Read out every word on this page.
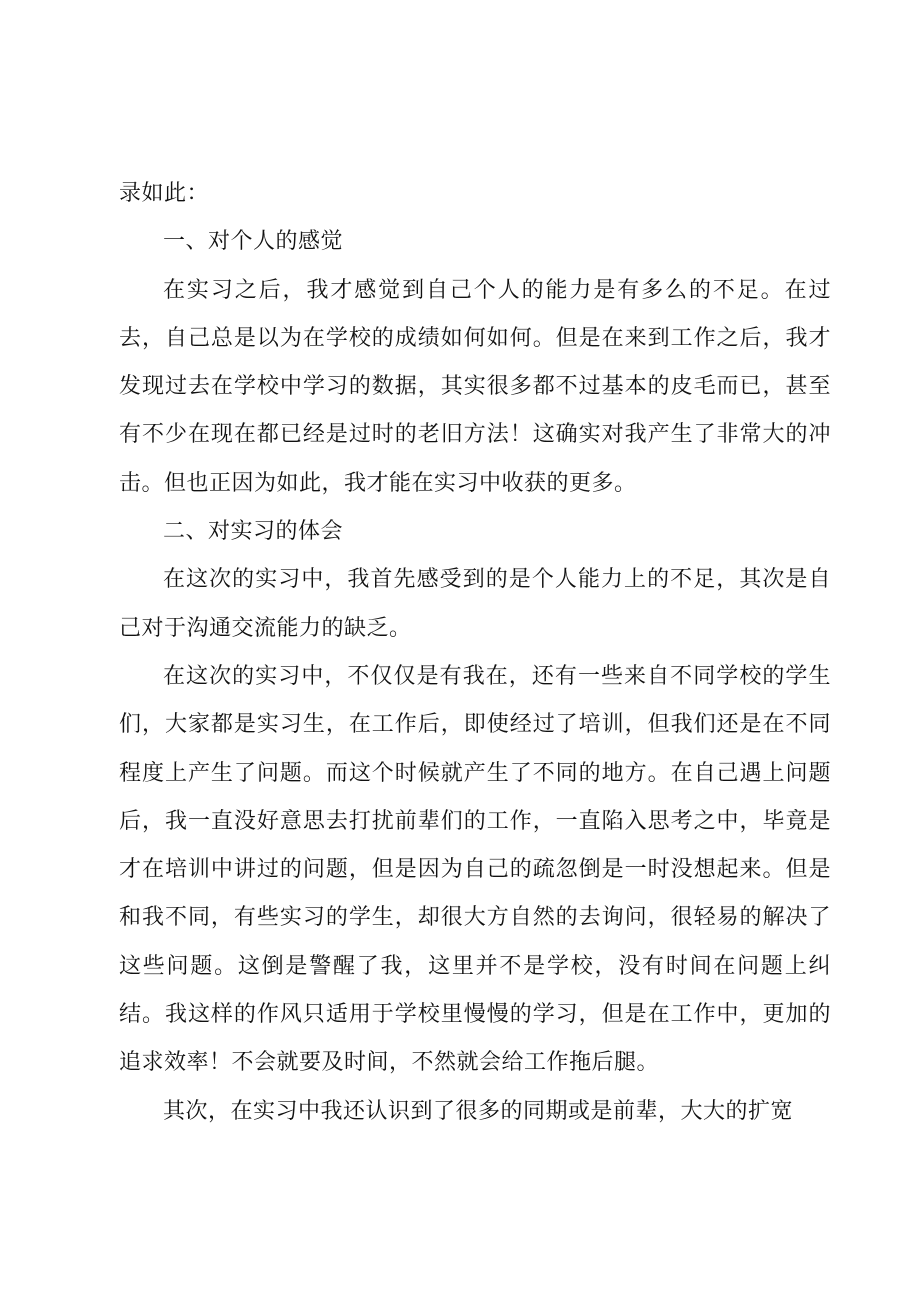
录如此：

一、对个人的感觉

在实习之后，我才感觉到自己个人的能力是有多么的不足。在过去，自己总是以为在学校的成绩如何如何。但是在来到工作之后，我才发现过去在学校中学习的数据，其实很多都不过基本的皮毛而已，甚至有不少在现在都已经是过时的老旧方法！这确实对我产生了非常大的冲击。但也正因为如此，我才能在实习中收获的更多。

二、对实习的体会

在这次的实习中，我首先感受到的是个人能力上的不足，其次是自己对于沟通交流能力的缺乏。

在这次的实习中，不仅仅是有我在，还有一些来自不同学校的学生们，大家都是实习生，在工作后，即使经过了培训，但我们还是在不同程度上产生了问题。而这个时候就产生了不同的地方。在自己遇上问题后，我一直没好意思去打扰前辈们的工作，一直陷入思考之中，毕竟是才在培训中讲过的问题，但是因为自己的疏忽倒是一时没想起来。但是和我不同，有些实习的学生，却很大方自然的去询问，很轻易的解决了这些问题。这倒是警醒了我，这里并不是学校，没有时间在问题上纠结。我这样的作风只适用于学校里慢慢的学习，但是在工作中，更加的追求效率！不会就要及时间，不然就会给工作拖后腿。

其次，在实习中我还认识到了很多的同期或是前辈，大大的扩宽
